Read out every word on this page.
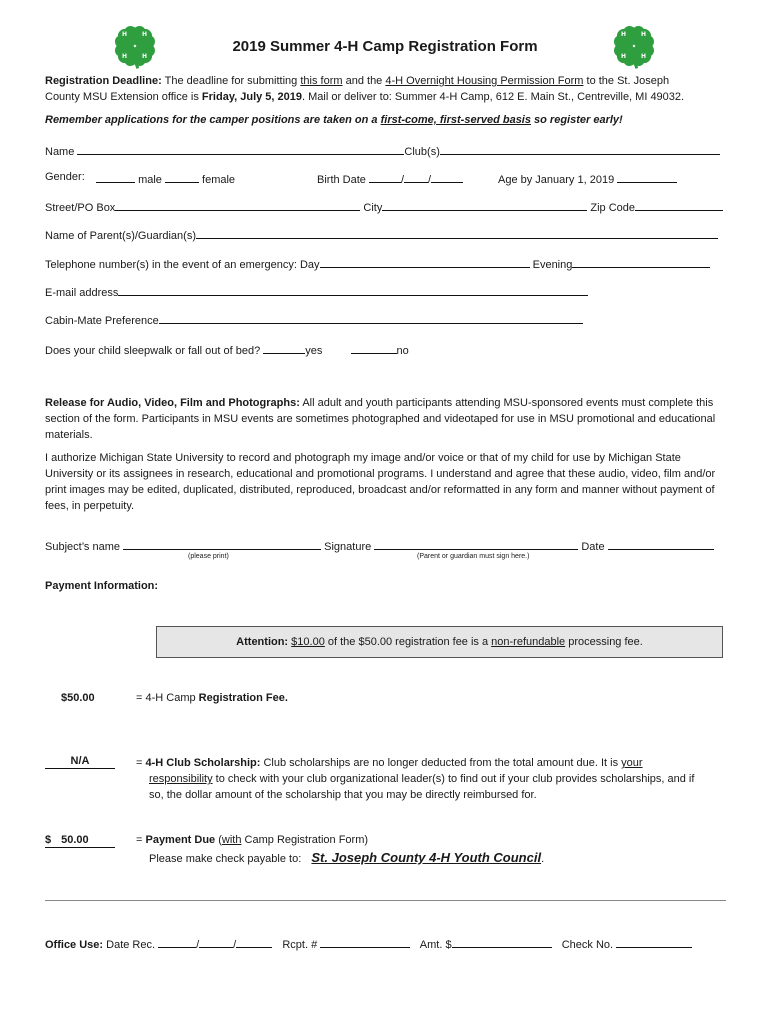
H H
H H
H H
H H
2019 Summer 4-H Camp Registration Form
Registration Deadline: The deadline for submitting this form and the 4-H Overnight Housing Permission Form to the St. Joseph
County MSU Extension office is Friday, July 5, 2019. Mail or deliver to: Summer 4-H Camp, 612 E. Main St., Centreville, MI 49032.
Remember applications for the camper positions are taken on a first-come, first-served basis so register early!
Name	Club(s)
Gender:	male	female	Birth Date	/ /	Age by January 1, 2019
Street/PO Box	City	Zip Code
Name of Parent(s)/Guardian(s)
Telephone number(s) in the event of an emergency: Day	Evening
E-mail address
Cabin-Mate Preference
Does your child sleepwalk or fall out of bed?	yes	no
Release for Audio, Video, Film and Photographs: All adult and youth participants attending MSU-sponsored events must complete this section of the form. Participants in MSU events are sometimes photographed and videotaped for use in MSU promotional and educational materials.
I authorize Michigan State University to record and photograph my image and/or voice or that of my child for use by Michigan State University or its assignees in research, educational and promotional programs. I understand and agree that these audio, video, film and/or print images may be edited, duplicated, distributed, reproduced, broadcast and/or reformatted in any form and manner without payment of fees, in perpetuity.
Subject’s name	Signature	Date
(please print)	(Parent or guardian must sign here.)
Payment Information:
Attention: $10.00 of the $50.00 registration fee is a non-refundable processing fee.
$50.00	= 4-H Camp Registration Fee.
N/A	= 4-H Club Scholarship: Club scholarships are no longer deducted from the total amount due. It is your
responsibility to check with your club organizational leader(s) to find out if your club provides scholarships, and if
so, the dollar amount of the scholarship that you may be directly reimbursed for.
$ 50.00	= Payment Due (with Camp Registration Form)
Please make check payable to: St. Joseph County 4-H Youth Council.
Office Use: Date Rec.	/	/	Rcpt. #	Amt. $	Check No.
